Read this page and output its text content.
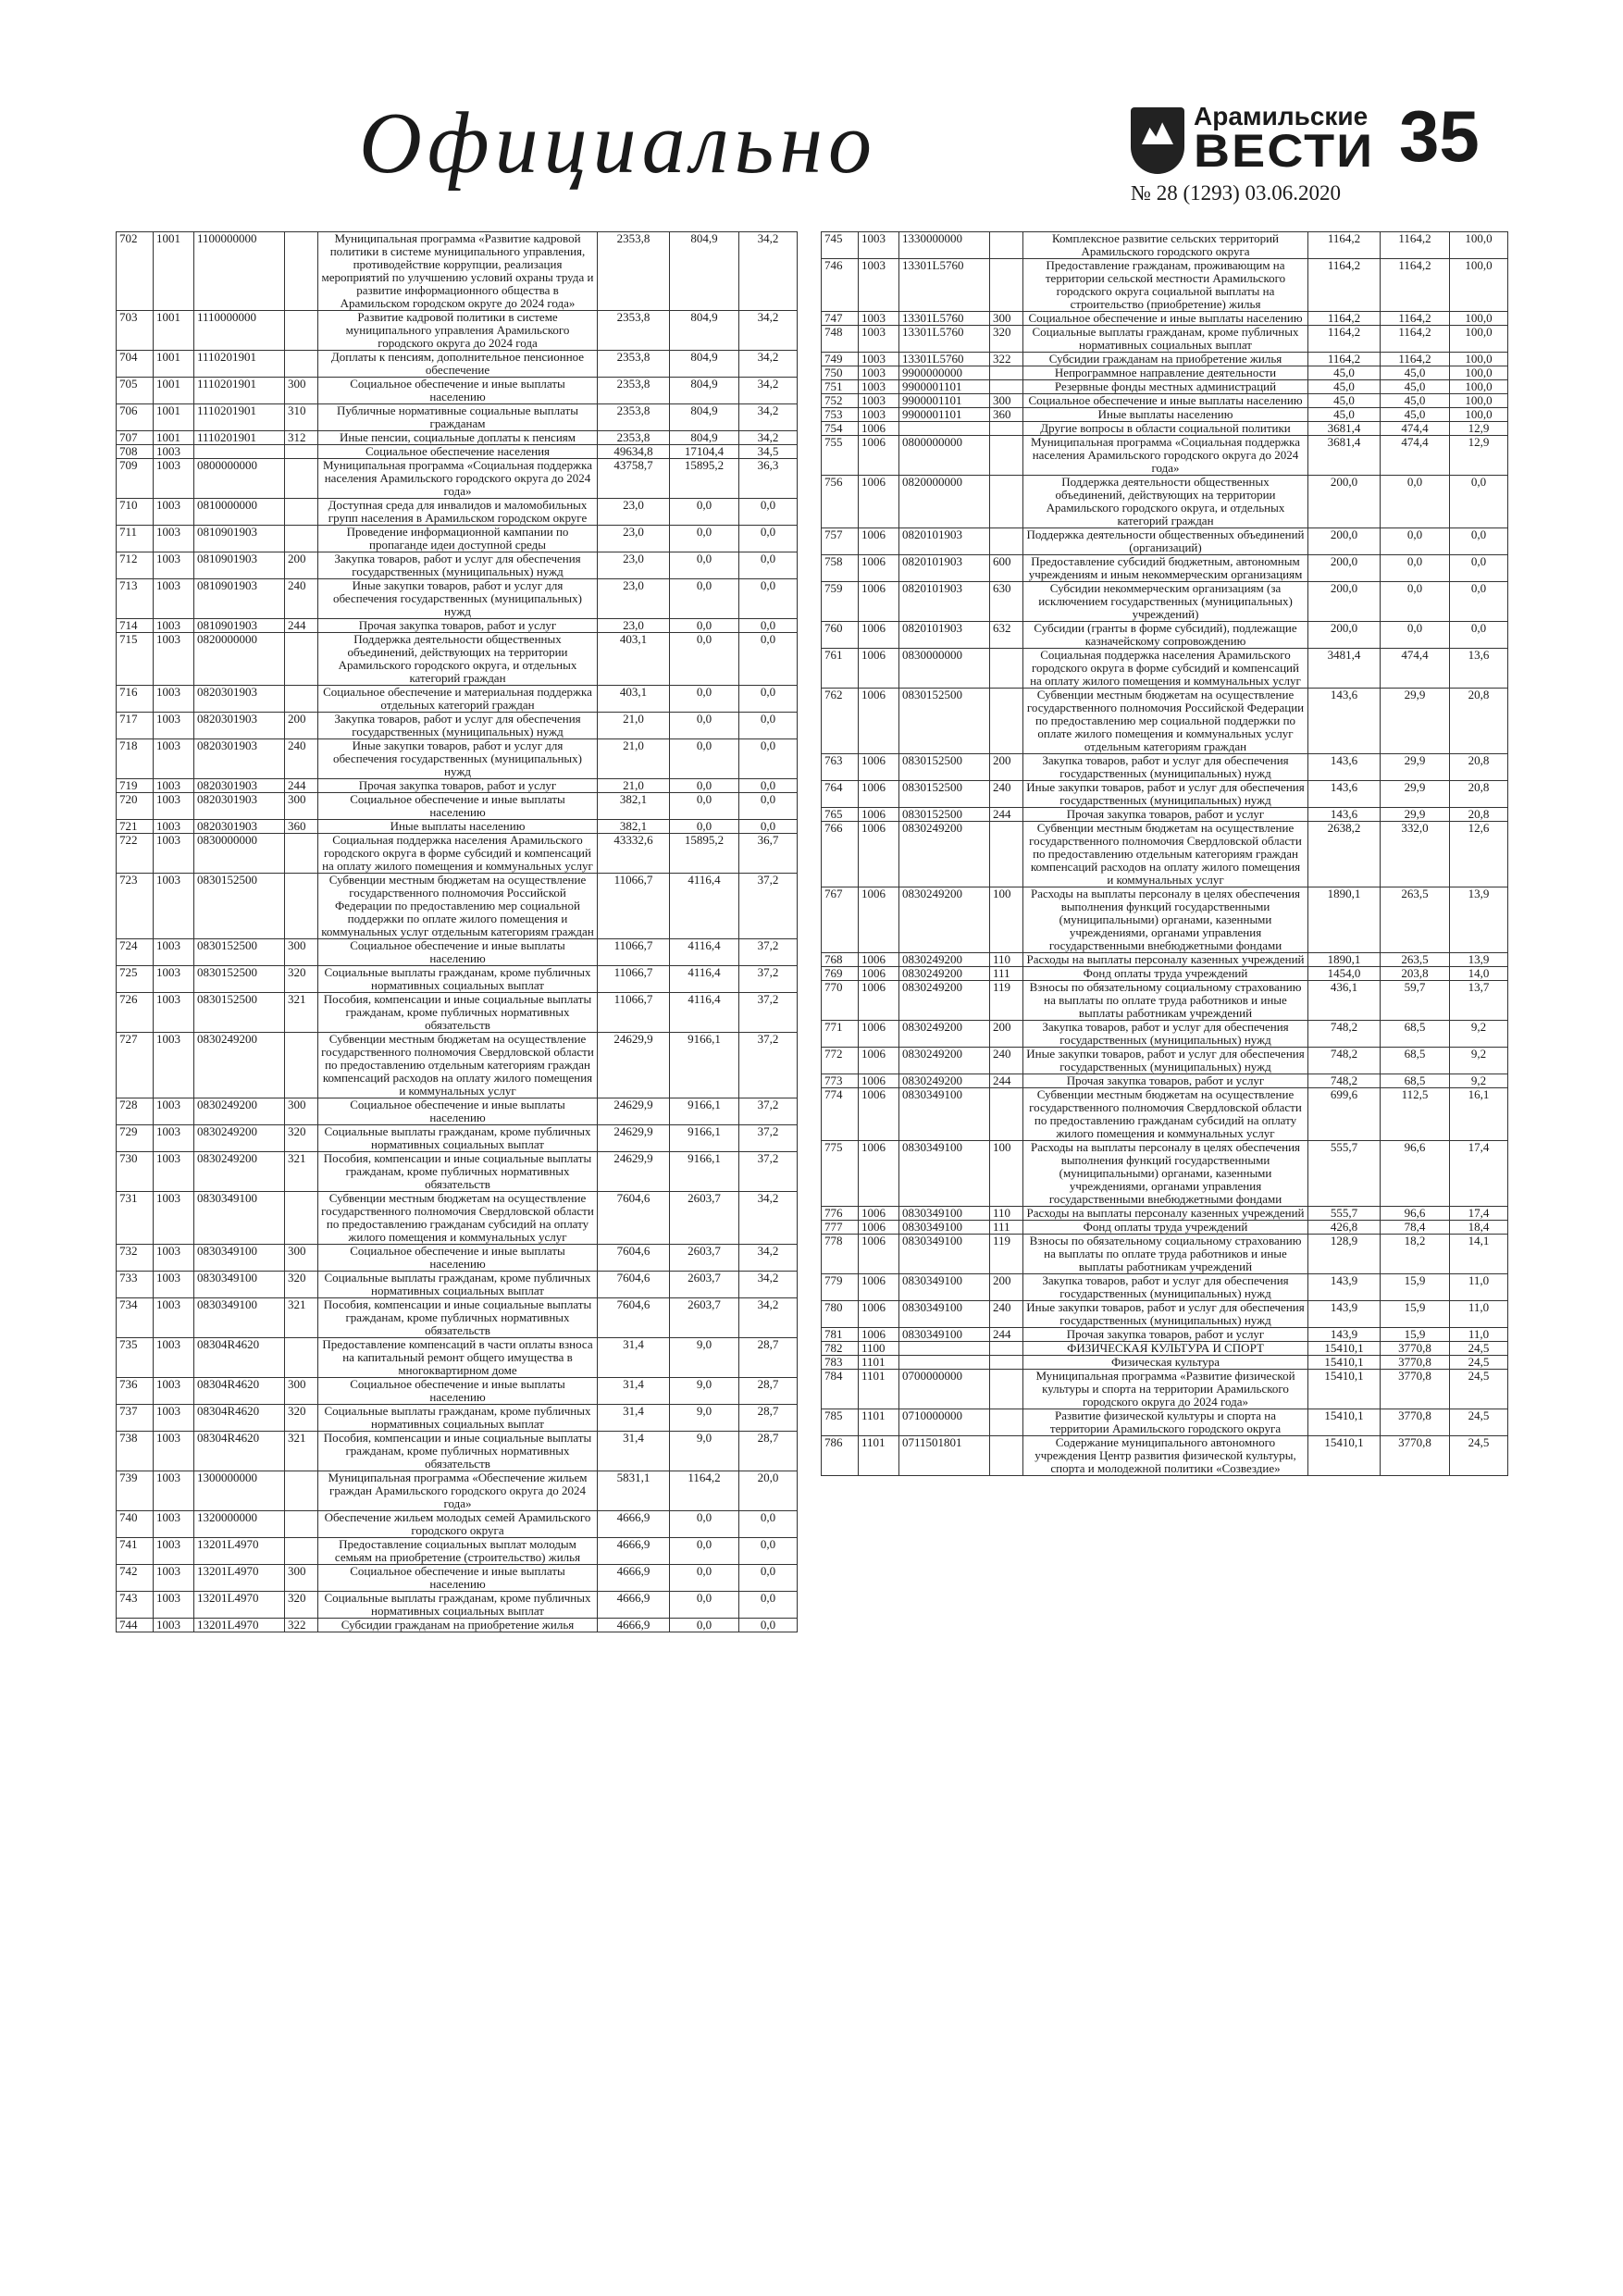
Официально	Арамильские
ВЕСТИ 35
№ 28 (1293) 03.06.2020
702	1001	1100000000		Муниципальная программа «Развитие кадровой политики в системе муниципального управления, противодействие коррупции, реализация мероприятий по улучшению условий охраны труда и развитие информационного общества в Арамильском городском округе до 2024 года»	2353,8	804,9	34,2
703	1001	1110000000		Развитие кадровой политики в системе муниципального управления Арамильского городского округа до 2024 года	2353,8	804,9	34,2
704	1001	1110201901		Доплаты к пенсиям, дополнительное пенсионное обеспечение	2353,8	804,9	34,2
705	1001	1110201901	300	Социальное обеспечение и иные выплаты населению	2353,8	804,9	34,2
706	1001	1110201901	310	Публичные нормативные социальные выплаты гражданам	2353,8	804,9	34,2
707	1001	1110201901	312	Иные пенсии, социальные доплаты к пенсиям	2353,8	804,9	34,2
708	1003			Социальное обеспечение населения	49634,8	17104,4	34,5
709	1003	0800000000		Муниципальная программа «Социальная поддержка населения Арамильского городского округа до 2024 года»	43758,7	15895,2	36,3
710	1003	0810000000		Доступная среда для инвалидов и маломобильных групп населения в Арамильском городском округе	23,0	0,0	0,0
711	1003	0810901903		Проведение информационной кампании по пропаганде идеи доступной среды	23,0	0,0	0,0
712	1003	0810901903	200	Закупка товаров, работ и услуг для обеспечения государственных (муниципальных) нужд	23,0	0,0	0,0
713	1003	0810901903	240	Иные закупки товаров, работ и услуг для обеспечения государственных (муниципальных) нужд	23,0	0,0	0,0
714	1003	0810901903	244	Прочая закупка товаров, работ и услуг	23,0	0,0	0,0
715	1003	0820000000		Поддержка деятельности общественных объединений, действующих на территории Арамильского городского округа, и отдельных категорий граждан	403,1	0,0	0,0
716	1003	0820301903		Социальное обеспечение и материальная поддержка отдельных категорий граждан	403,1	0,0	0,0
717	1003	0820301903	200	Закупка товаров, работ и услуг для обеспечения государственных (муниципальных) нужд	21,0	0,0	0,0
718	1003	0820301903	240	Иные закупки товаров, работ и услуг для обеспечения государственных (муниципальных) нужд	21,0	0,0	0,0
719	1003	0820301903	244	Прочая закупка товаров, работ и услуг	21,0	0,0	0,0
720	1003	0820301903	300	Социальное обеспечение и иные выплаты населению	382,1	0,0	0,0
721	1003	0820301903	360	Иные выплаты населению	382,1	0,0	0,0
722	1003	0830000000		Социальная поддержка населения Арамильского городского округа в форме субсидий и компенсаций на оплату жилого помещения и коммунальных услуг	43332,6	15895,2	36,7
723	1003	0830152500		Субвенции местным бюджетам на осуществление государственного полномочия Российской Федерации по предоставлению мер социальной поддержки по оплате жилого помещения и коммунальных услуг отдельным категориям граждан	11066,7	4116,4	37,2
724	1003	0830152500	300	Социальное обеспечение и иные выплаты населению	11066,7	4116,4	37,2
725	1003	0830152500	320	Социальные выплаты гражданам, кроме публичных нормативных социальных выплат	11066,7	4116,4	37,2
726	1003	0830152500	321	Пособия, компенсации и иные социальные выплаты гражданам, кроме публичных нормативных обязательств	11066,7	4116,4	37,2
727	1003	0830249200		Субвенции местным бюджетам на осуществление государственного полномочия Свердловской области по предоставлению отдельным категориям граждан компенсаций расходов на оплату жилого помещения и коммунальных услуг	24629,9	9166,1	37,2
728	1003	0830249200	300	Социальное обеспечение и иные выплаты населению	24629,9	9166,1	37,2
729	1003	0830249200	320	Социальные выплаты гражданам, кроме публичных нормативных социальных выплат	24629,9	9166,1	37,2
730	1003	0830249200	321	Пособия, компенсации и иные социальные выплаты гражданам, кроме публичных нормативных обязательств	24629,9	9166,1	37,2
731	1003	0830349100		Субвенции местным бюджетам на осуществление государственного полномочия Свердловской области по предоставлению гражданам субсидий на оплату жилого помещения и коммунальных услуг	7604,6	2603,7	34,2
732	1003	0830349100	300	Социальное обеспечение и иные выплаты населению	7604,6	2603,7	34,2
733	1003	0830349100	320	Социальные выплаты гражданам, кроме публичных нормативных социальных выплат	7604,6	2603,7	34,2
734	1003	0830349100	321	Пособия, компенсации и иные социальные выплаты гражданам, кроме публичных нормативных обязательств	7604,6	2603,7	34,2
735	1003	08304R4620		Предоставление компенсаций в части оплаты взноса на капитальный ремонт общего имущества в многоквартирном доме	31,4	9,0	28,7
736	1003	08304R4620	300	Социальное обеспечение и иные выплаты населению	31,4	9,0	28,7
737	1003	08304R4620	320	Социальные выплаты гражданам, кроме публичных нормативных социальных выплат	31,4	9,0	28,7
738	1003	08304R4620	321	Пособия, компенсации и иные социальные выплаты гражданам, кроме публичных нормативных обязательств	31,4	9,0	28,7
739	1003	1300000000		Муниципальная программа «Обеспечение жильем граждан Арамильского городского округа до 2024 года»	5831,1	1164,2	20,0
740	1003	1320000000		Обеспечение жильем молодых семей Арамильского городского округа	4666,9	0,0	0,0
741	1003	13201L4970		Предоставление социальных выплат молодым семьям на приобретение (строительство) жилья	4666,9	0,0	0,0
742	1003	13201L4970	300	Социальное обеспечение и иные выплаты населению	4666,9	0,0	0,0
743	1003	13201L4970	320	Социальные выплаты гражданам, кроме публичных нормативных социальных выплат	4666,9	0,0	0,0
744	1003	13201L4970	322	Субсидии гражданам на приобретение жилья	4666,9	0,0	0,0
745	1003	1330000000		Комплексное развитие сельских территорий Арамильского городского округа	1164,2	1164,2	100,0
746	1003	13301L5760		Предоставление гражданам, проживающим на территории сельской местности Арамильского городского округа социальной выплаты на строительство (приобретение) жилья	1164,2	1164,2	100,0
747	1003	13301L5760	300	Социальное обеспечение и иные выплаты населению	1164,2	1164,2	100,0
748	1003	13301L5760	320	Социальные выплаты гражданам, кроме публичных нормативных социальных выплат	1164,2	1164,2	100,0
749	1003	13301L5760	322	Субсидии гражданам на приобретение жилья	1164,2	1164,2	100,0
750	1003	9900000000		Непрограммное направление деятельности	45,0	45,0	100,0
751	1003	9900001101		Резервные фонды местных администраций	45,0	45,0	100,0
752	1003	9900001101	300	Социальное обеспечение и иные выплаты населению	45,0	45,0	100,0
753	1003	9900001101	360	Иные выплаты населению	45,0	45,0	100,0
754	1006			Другие вопросы в области социальной политики	3681,4	474,4	12,9
755	1006	0800000000		Муниципальная программа «Социальная поддержка населения Арамильского городского округа до 2024 года»	3681,4	474,4	12,9
756	1006	0820000000		Поддержка деятельности общественных объединений, действующих на территории Арамильского городского округа, и отдельных категорий граждан	200,0	0,0	0,0
757	1006	0820101903		Поддержка деятельности общественных объединений (организаций)	200,0	0,0	0,0
758	1006	0820101903	600	Предоставление субсидий бюджетным, автономным учреждениям и иным некоммерческим организациям	200,0	0,0	0,0
759	1006	0820101903	630	Субсидии некоммерческим организациям (за исключением государственных (муниципальных) учреждений)	200,0	0,0	0,0
760	1006	0820101903	632	Субсидии (гранты в форме субсидий), подлежащие казначейскому сопровождению	200,0	0,0	0,0
761	1006	0830000000		Социальная поддержка населения Арамильского городского округа в форме субсидий и компенсаций на оплату жилого помещения и коммунальных услуг	3481,4	474,4	13,6
762	1006	0830152500		Субвенции местным бюджетам на осуществление государственного полномочия Российской Федерации по предоставлению мер социальной поддержки по оплате жилого помещения и коммунальных услуг отдельным категориям граждан	143,6	29,9	20,8
763	1006	0830152500	200	Закупка товаров, работ и услуг для обеспечения государственных (муниципальных) нужд	143,6	29,9	20,8
764	1006	0830152500	240	Иные закупки товаров, работ и услуг для обеспечения государственных (муниципальных) нужд	143,6	29,9	20,8
765	1006	0830152500	244	Прочая закупка товаров, работ и услуг	143,6	29,9	20,8
766	1006	0830249200		Субвенции местным бюджетам на осуществление государственного полномочия Свердловской области по предоставлению отдельным категориям граждан компенсаций расходов на оплату жилого помещения и коммунальных услуг	2638,2	332,0	12,6
767	1006	0830249200	100	Расходы на выплаты персоналу в целях обеспечения выполнения функций государственными (муниципальными) органами, казенными учреждениями, органами управления государственными внебюджетными фондами	1890,1	263,5	13,9
768	1006	0830249200	110	Расходы на выплаты персоналу казенных учреждений	1890,1	263,5	13,9
769	1006	0830249200	111	Фонд оплаты труда учреждений	1454,0	203,8	14,0
770	1006	0830249200	119	Взносы по обязательному социальному страхованию на выплаты по оплате труда работников и иные выплаты работникам учреждений	436,1	59,7	13,7
771	1006	0830249200	200	Закупка товаров, работ и услуг для обеспечения государственных (муниципальных) нужд	748,2	68,5	9,2
772	1006	0830249200	240	Иные закупки товаров, работ и услуг для обеспечения государственных (муниципальных) нужд	748,2	68,5	9,2
773	1006	0830249200	244	Прочая закупка товаров, работ и услуг	748,2	68,5	9,2
774	1006	0830349100		Субвенции местным бюджетам на осуществление государственного полномочия Свердловской области по предоставлению гражданам субсидий на оплату жилого помещения и коммунальных услуг	699,6	112,5	16,1
775	1006	0830349100	100	Расходы на выплаты персоналу в целях обеспечения выполнения функций государственными (муниципальными) органами, казенными учреждениями, органами управления государственными внебюджетными фондами	555,7	96,6	17,4
776	1006	0830349100	110	Расходы на выплаты персоналу казенных учреждений	555,7	96,6	17,4
777	1006	0830349100	111	Фонд оплаты труда учреждений	426,8	78,4	18,4
778	1006	0830349100	119	Взносы по обязательному социальному страхованию на выплаты по оплате труда работников и иные выплаты работникам учреждений	128,9	18,2	14,1
779	1006	0830349100	200	Закупка товаров, работ и услуг для обеспечения государственных (муниципальных) нужд	143,9	15,9	11,0
780	1006	0830349100	240	Иные закупки товаров, работ и услуг для обеспечения государственных (муниципальных) нужд	143,9	15,9	11,0
781	1006	0830349100	244	Прочая закупка товаров, работ и услуг	143,9	15,9	11,0
782	1100			ФИЗИЧЕСКАЯ КУЛЬТУРА И СПОРТ	15410,1	3770,8	24,5
783	1101			Физическая культура	15410,1	3770,8	24,5
784	1101	0700000000		Муниципальная программа «Развитие физической культуры и спорта на территории Арамильского городского округа до 2024 года»	15410,1	3770,8	24,5
785	1101	0710000000		Развитие физической культуры и спорта на территории Арамильского городского округа	15410,1	3770,8	24,5
786	1101	0711501801		Содержание муниципального автономного учреждения Центр развития физической культуры, спорта и молодежной политики «Созвездие»	15410,1	3770,8	24,5
